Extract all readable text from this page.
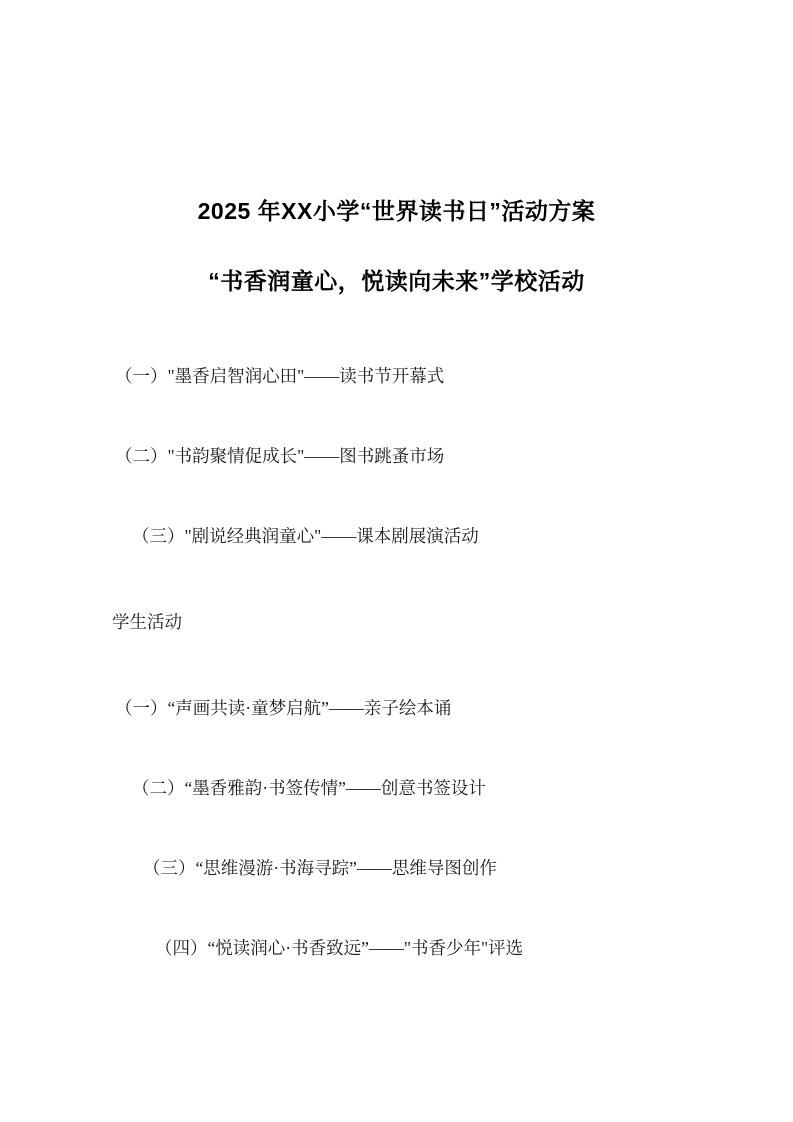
2025 年XX小学“世界读书日”活动方案
“书香润童心，悦读向未来”学校活动

（一）"墨香启智润心田"——读书节开幕式

（二）"书韵聚情促成长"——图书跳蚤市场

（三）"剧说经典润童心"——课本剧展演活动

学生活动

（一）“声画共读·童梦启航”——亲子绘本诵

（二）“墨香雅韵·书签传情”——创意书签设计

（三）“思维漫游·书海寻踪”——思维导图创作

（四）“悦读润心·书香致远”——"书香少年"评选
